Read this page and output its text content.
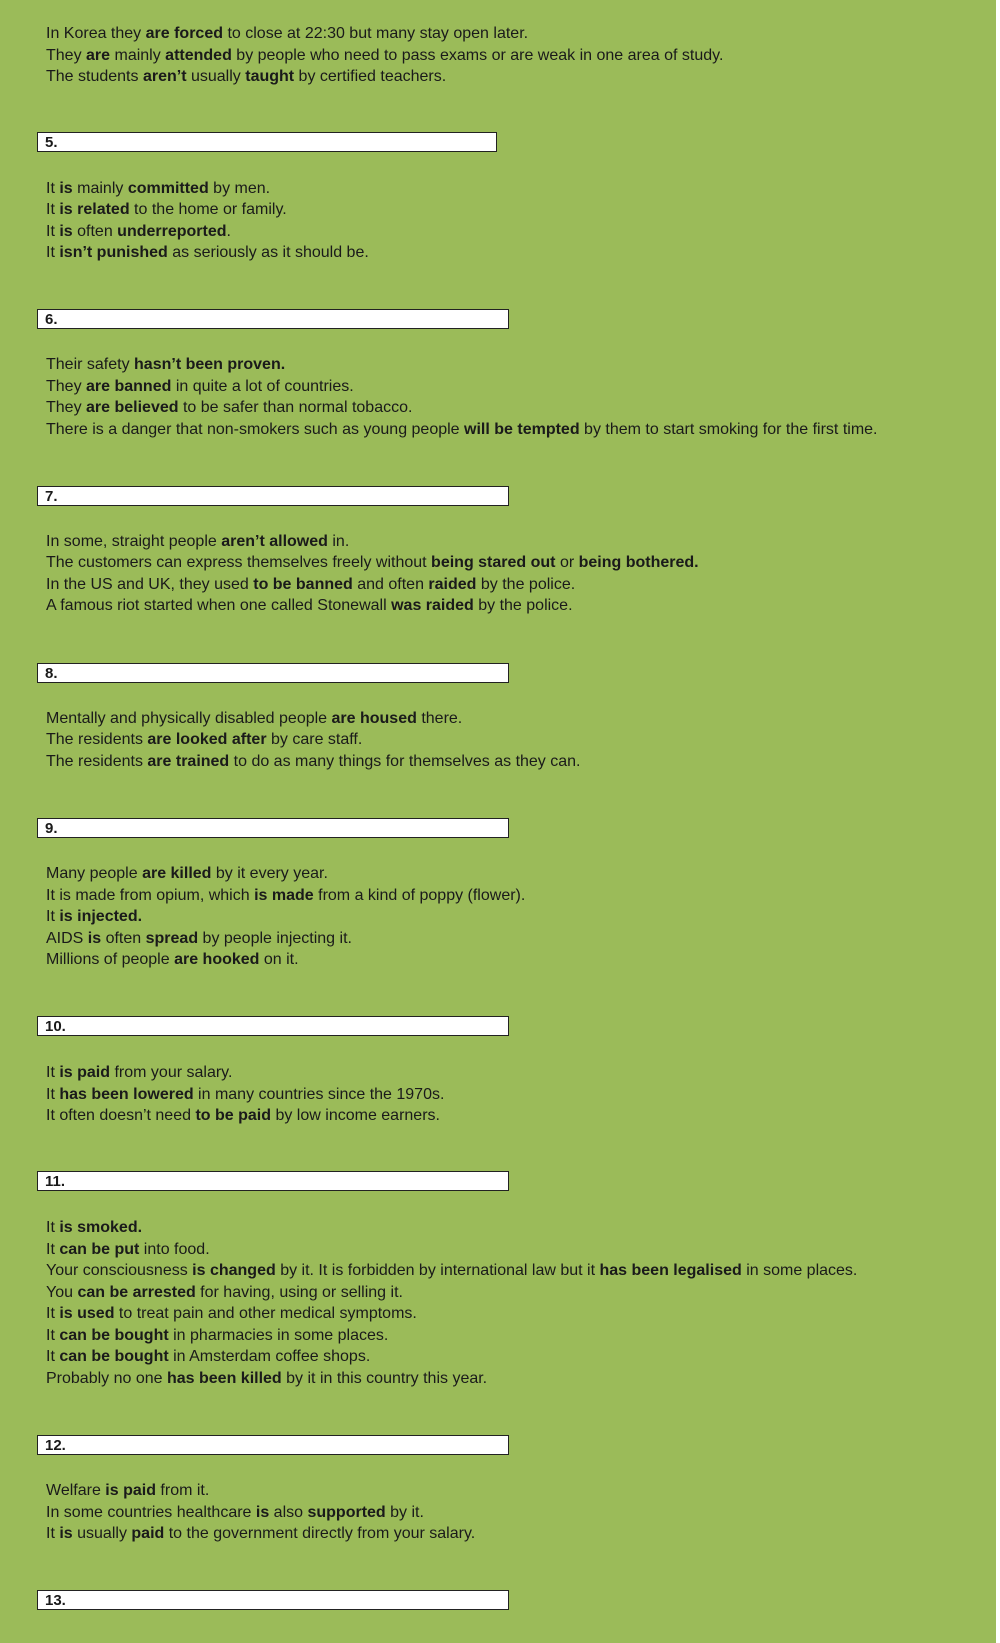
In Korea they are forced to close at 22:30 but many stay open later.
They are mainly attended by people who need to pass exams or are weak in one area of study.
The students aren’t usually taught by certified teachers.
5.
It is mainly committed by men.
It is related to the home or family.
It is often underreported.
It isn’t punished as seriously as it should be.
6.
Their safety hasn’t been proven.
They are banned in quite a lot of countries.
They are believed to be safer than normal tobacco.
There is a danger that non-smokers such as young people will be tempted by them to start smoking for the first time.
7.
In some, straight people aren’t allowed in.
The customers can express themselves freely without being stared out or being bothered.
In the US and UK, they used to be banned and often raided by the police.
A famous riot started when one called Stonewall was raided by the police.
8.
Mentally and physically disabled people are housed there.
The residents are looked after by care staff.
The residents are trained to do as many things for themselves as they can.
9.
Many people are killed by it every year.
It is made from opium, which is made from a kind of poppy (flower).
It is injected.
AIDS is often spread by people injecting it.
Millions of people are hooked on it.
10.
It is paid from your salary.
It has been lowered in many countries since the 1970s.
It often doesn’t need to be paid by low income earners.
11.
It is smoked.
It can be put into food.
Your consciousness is changed by it. It is forbidden by international law but it has been legalised in some places.
You can be arrested for having, using or selling it.
It is used to treat pain and other medical symptoms.
It can be bought in pharmacies in some places.
It can be bought in Amsterdam coffee shops.
Probably no one has been killed by it in this country this year.
12.
Welfare is paid from it.
In some countries healthcare is also supported by it.
It is usually paid to the government directly from your salary.
13.
